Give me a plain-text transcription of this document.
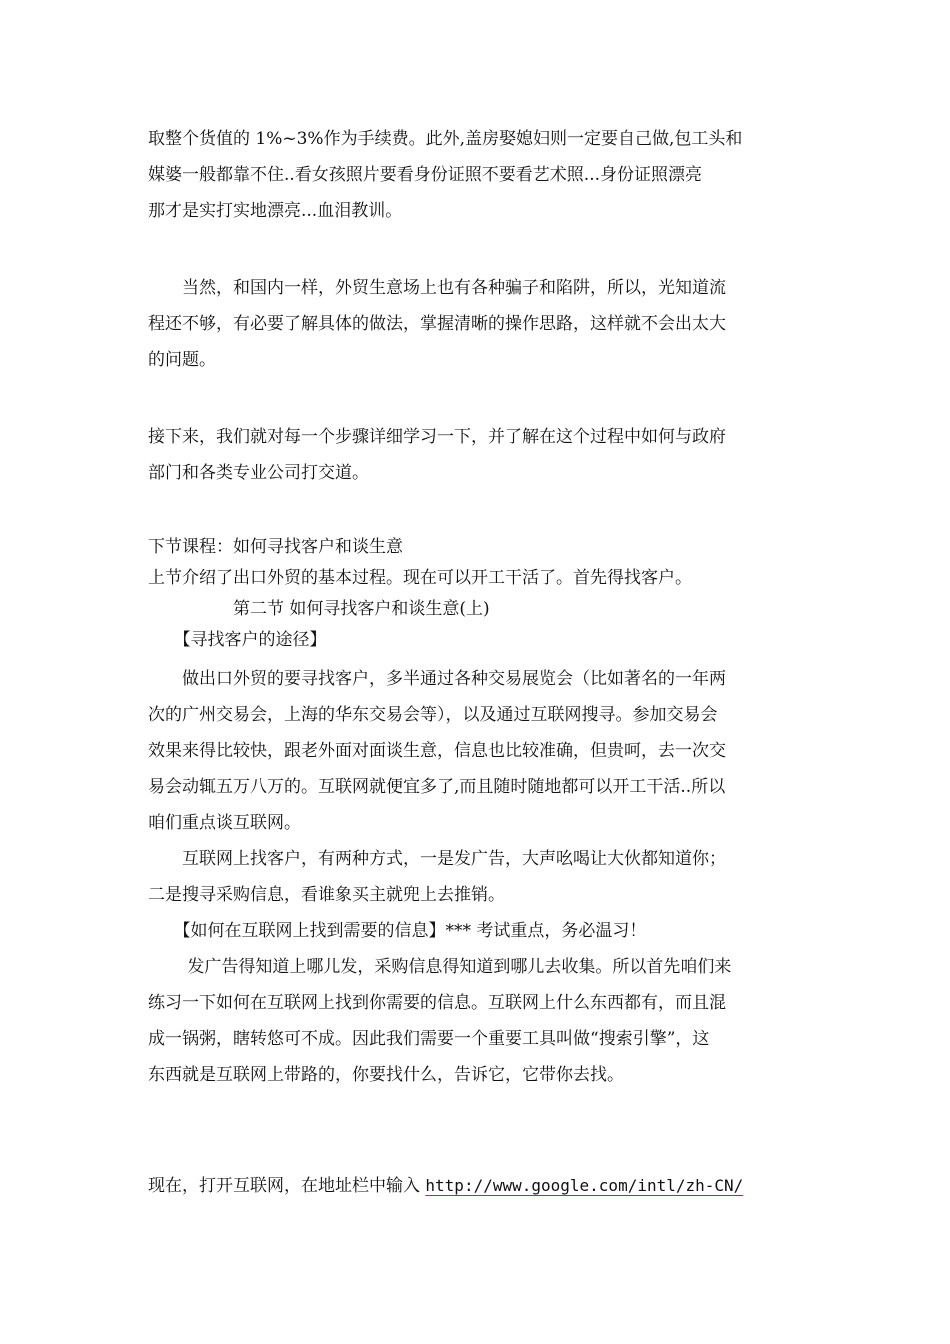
取整个货值的 1%~3%作为手续费。此外,盖房娶媳妇则一定要自己做,包工头和
媒婆一般都靠不住..看女孩照片要看身份证照不要看艺术照...身份证照漂亮
那才是实打实地漂亮...血泪教训。
　　当然，和国内一样，外贸生意场上也有各种骗子和陷阱，所以，光知道流
程还不够，有必要了解具体的做法，掌握清晰的操作思路，这样就不会出太大
的问题。
接下来，我们就对每一个步骤详细学习一下，并了解在这个过程中如何与政府
部门和各类专业公司打交道。
下节课程：如何寻找客户和谈生意
上节介绍了出口外贸的基本过程。现在可以开工干活了。首先得找客户。
　　　　　第二节 如何寻找客户和谈生意(上)
　　【寻找客户的途径】
　　做出口外贸的要寻找客户，多半通过各种交易展览会（比如著名的一年两
次的广州交易会，上海的华东交易会等），以及通过互联网搜寻。参加交易会
效果来得比较快，跟老外面对面谈生意，信息也比较准确，但贵呵，去一次交
易会动辄五万八万的。互联网就便宜多了,而且随时随地都可以开工干活..所以
咱们重点谈互联网。
　　互联网上找客户，有两种方式，一是发广告，大声吆喝让大伙都知道你；
二是搜寻采购信息，看谁象买主就兜上去推销。
　　【如何在互联网上找到需要的信息】*** 考试重点，务必温习！
　　 发广告得知道上哪儿发，采购信息得知道到哪儿去收集。所以首先咱们来
练习一下如何在互联网上找到你需要的信息。互联网上什么东西都有，而且混
成一锅粥，瞎转悠可不成。因此我们需要一个重要工具叫做“搜索引擎”，这
东西就是互联网上带路的，你要找什么，告诉它，它带你去找。
现在，打开互联网，在地址栏中输入 http://www.google.com/intl/zh-CN/
